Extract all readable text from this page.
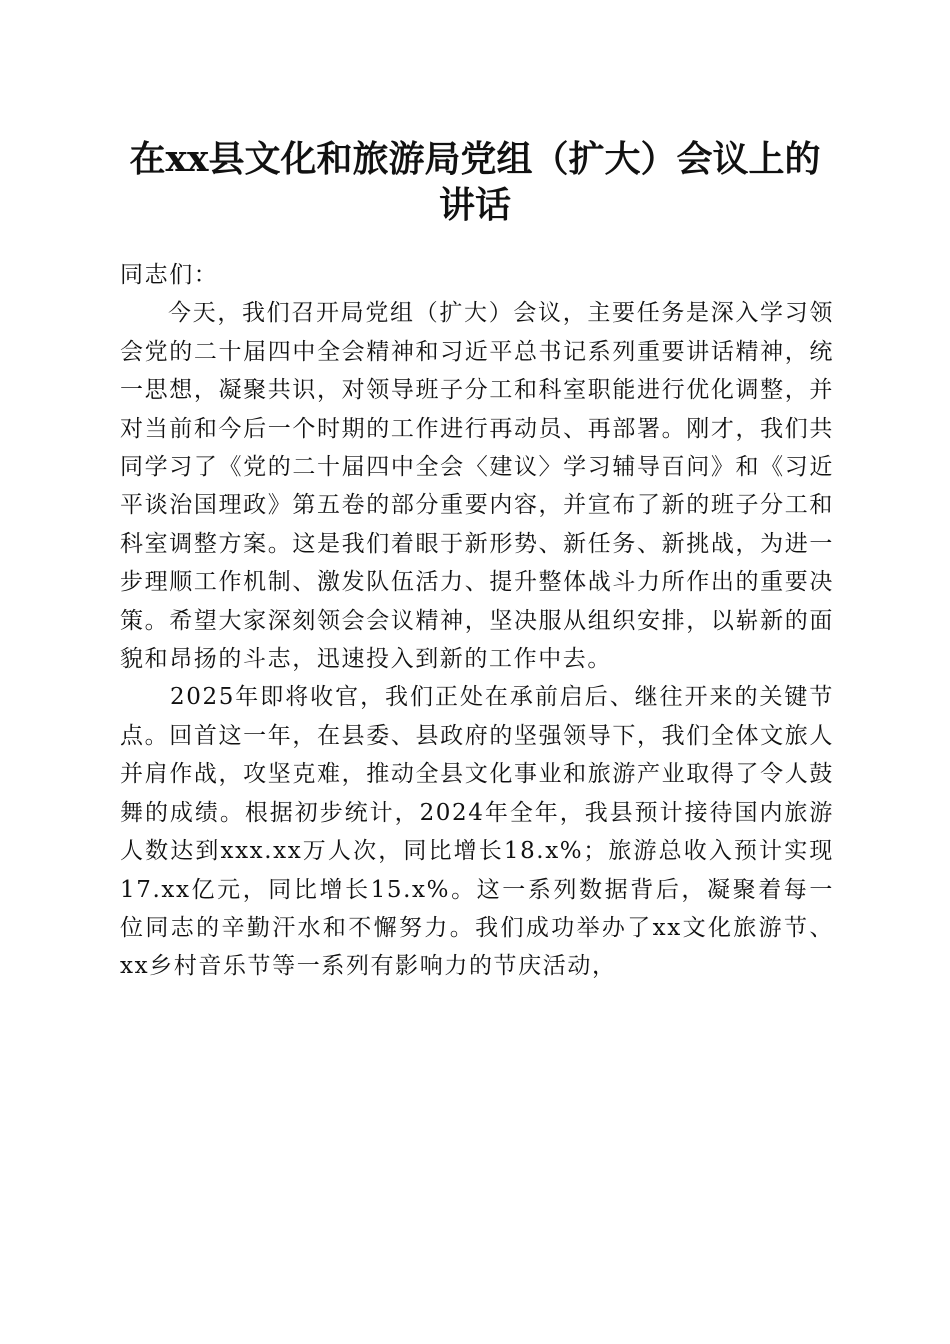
在xx县文化和旅游局党组（扩大）会议上的
讲话

同志们：

今天，我们召开局党组（扩大）会议，主要任务是深入学习领会党的二十届四中全会精神和习近平总书记系列重要讲话精神，统一思想，凝聚共识，对领导班子分工和科室职能进行优化调整，并对当前和今后一个时期的工作进行再动员、再部署。刚才，我们共同学习了《党的二十届四中全会〈建议〉学习辅导百问》和《习近平谈治国理政》第五卷的部分重要内容，并宣布了新的班子分工和科室调整方案。这是我们着眼于新形势、新任务、新挑战，为进一步理顺工作机制、激发队伍活力、提升整体战斗力所作出的重要决策。希望大家深刻领会会议精神，坚决服从组织安排，以崭新的面貌和昂扬的斗志，迅速投入到新的工作中去。

2025年即将收官，我们正处在承前启后、继往开来的关键节点。回首这一年，在县委、县政府的坚强领导下，我们全体文旅人并肩作战，攻坚克难，推动全县文化事业和旅游产业取得了令人鼓舞的成绩。根据初步统计，2024年全年，我县预计接待国内旅游人数达到xxx.xx万人次，同比增长18.x%；旅游总收入预计实现17.xx亿元，同比增长15.x%。这一系列数据背后，凝聚着每一位同志的辛勤汗水和不懈努力。我们成功举办了xx文化旅游节、xx乡村音乐节等一系列有影响力的节庆活动，
